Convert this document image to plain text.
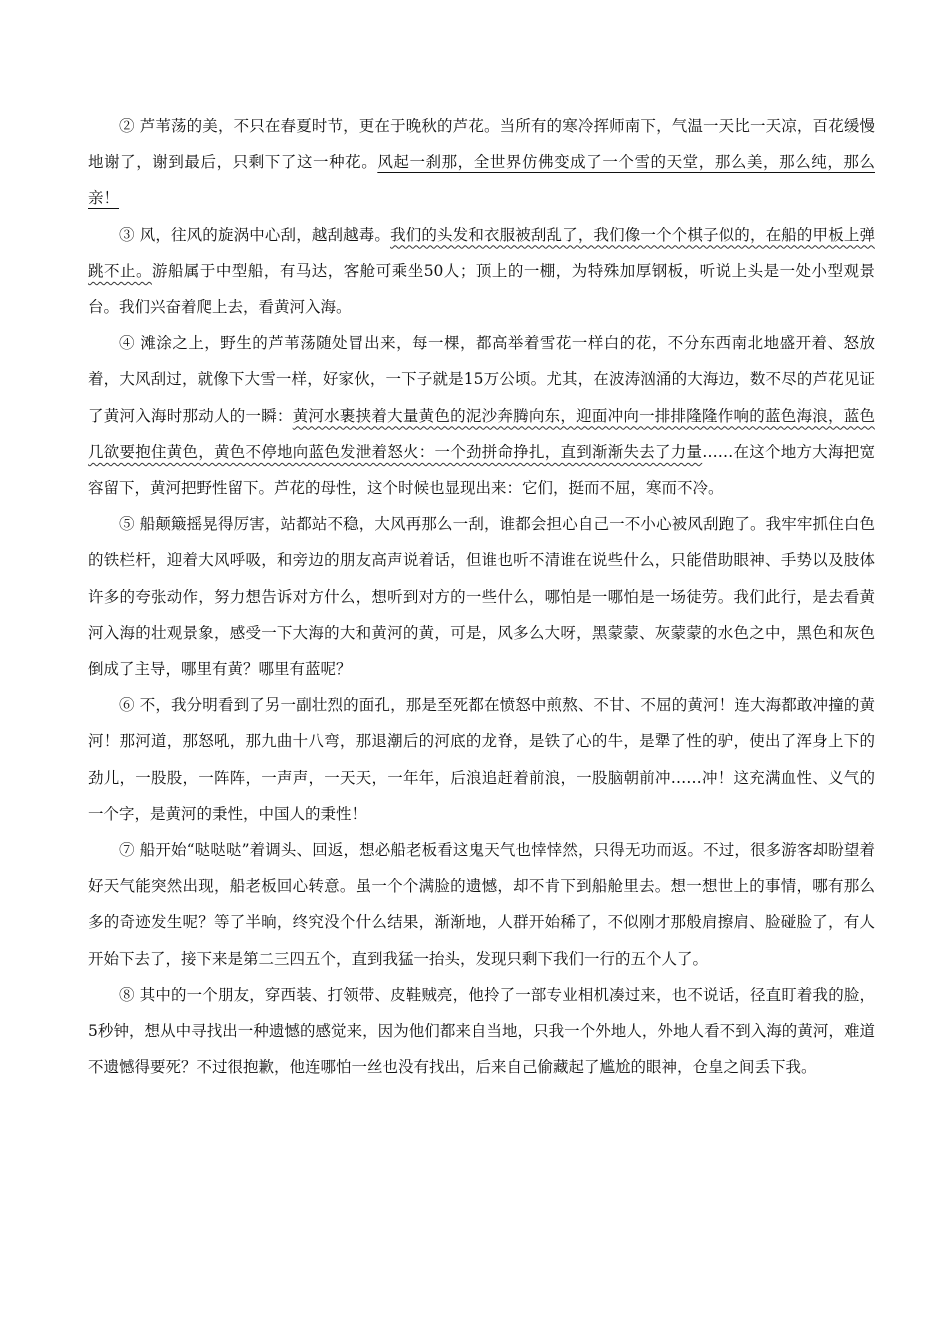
② 芦苇荡的美，不只在春夏时节，更在于晚秋的芦花。当所有的寒冷挥师南下，气温一天比一天凉，百花缓慢地谢了，谢到最后，只剩下了这一种花。风起一刹那，全世界仿佛变成了一个雪的天堂，那么美，那么纯，那么亲！

③ 风，往风的旋涡中心刮，越刮越毒。我们的头发和衣服被刮乱了，我们像一个个棋子似的，在船的甲板上弹跳不止。游船属于中型船，有马达，客舱可乘坐50人；顶上的一棚，为特殊加厚钢板，听说上头是一处小型观景台。我们兴奋着爬上去，看黄河入海。

④ 滩涂之上，野生的芦苇荡随处冒出来，每一棵，都高举着雪花一样白的花，不分东西南北地盛开着、怒放着，大风刮过，就像下大雪一样，好家伙，一下子就是15万公顷。尤其，在波涛汹涌的大海边，数不尽的芦花见证了黄河入海时那动人的一瞬：黄河水裹挟着大量黄色的泥沙奔腾向东，迎面冲向一排排隆隆作响的蓝色海浪，蓝色几欲要抱住黄色，黄色不停地向蓝色发泄着怒火：一个劲拼命挣扎，直到渐渐失去了力量……在这个地方大海把宽容留下，黄河把野性留下。芦花的母性，这个时候也显现出来：它们，挺而不屈，寒而不冷。

⑤ 船颠簸摇晃得厉害，站都站不稳，大风再那么一刮，谁都会担心自己一不小心被风刮跑了。我牢牢抓住白色的铁栏杆，迎着大风呼吸，和旁边的朋友高声说着话，但谁也听不清谁在说些什么，只能借助眼神、手势以及肢体许多的夸张动作，努力想告诉对方什么，想听到对方的一些什么，哪怕是一哪怕是一场徒劳。我们此行，是去看黄河入海的壮观景象，感受一下大海的大和黄河的黄，可是，风多么大呀，黑蒙蒙、灰蒙蒙的水色之中，黑色和灰色倒成了主导，哪里有黄？哪里有蓝呢？

⑥ 不，我分明看到了另一副壮烈的面孔，那是至死都在愤怒中煎熬、不甘、不屈的黄河！连大海都敢冲撞的黄河！那河道，那怒吼，那九曲十八弯，那退潮后的河底的龙脊，是铁了心的牛，是犟了性的驴，使出了浑身上下的劲儿，一股股，一阵阵，一声声，一天天，一年年，后浪追赶着前浪，一股脑朝前冲……冲！这充满血性、义气的一个字，是黄河的秉性，中国人的秉性！

⑦ 船开始“哒哒哒”着调头、回返，想必船老板看这鬼天气也悻悻然，只得无功而返。不过，很多游客却盼望着好天气能突然出现，船老板回心转意。虽一个个满脸的遗憾，却不肯下到船舱里去。想一想世上的事情，哪有那么多的奇迹发生呢？等了半晌，终究没个什么结果，渐渐地，人群开始稀了，不似刚才那般肩擦肩、脸碰脸了，有人开始下去了，接下来是第二三四五个，直到我猛一抬头，发现只剩下我们一行的五个人了。

⑧ 其中的一个朋友，穿西装、打领带、皮鞋贼亮，他拎了一部专业相机凑过来，也不说话，径直盯着我的脸，5秒钟，想从中寻找出一种遗憾的感觉来，因为他们都来自当地，只我一个外地人，外地人看不到入海的黄河，难道不遗憾得要死？不过很抱歉，他连哪怕一丝也没有找出，后来自己偷藏起了尴尬的眼神，仓皇之间丢下我。
